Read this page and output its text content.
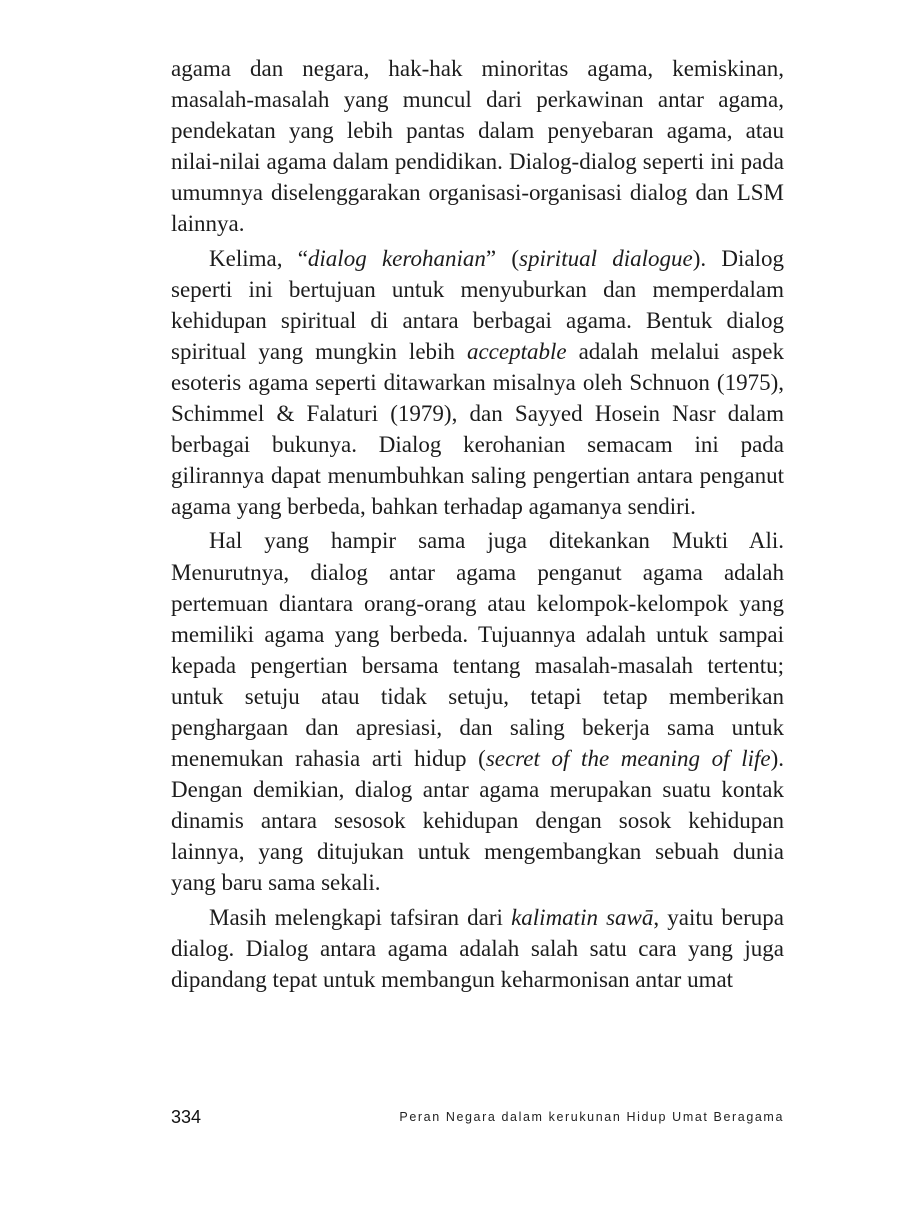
agama dan negara, hak-hak minoritas agama, kemiskinan, masalah-masalah yang muncul dari perkawinan antar agama, pendekatan yang lebih pantas dalam penyebaran agama, atau nilai-nilai agama dalam pendidikan. Dialog-dialog seperti ini pada umumnya diselenggarakan organisasi-organisasi dialog dan LSM lainnya.

Kelima, “dialog kerohanian” (spiritual dialogue). Dialog seperti ini bertujuan untuk menyuburkan dan memperdalam kehidupan spiritual di antara berbagai agama. Bentuk dialog spiritual yang mungkin lebih acceptable adalah melalui aspek esoteris agama seperti ditawarkan misalnya oleh Schnuon (1975), Schimmel & Falaturi (1979), dan Sayyed Hosein Nasr dalam berbagai bukunya. Dialog kerohanian semacam ini pada gilirannya dapat menumbuhkan saling pengertian antara penganut agama yang berbeda, bahkan terhadap agamanya sendiri.

Hal yang hampir sama juga ditekankan Mukti Ali. Menurutnya, dialog antar agama penganut agama adalah pertemuan diantara orang-orang atau kelompok-kelompok yang memiliki agama yang berbeda. Tujuannya adalah untuk sampai kepada pengertian bersama tentang masalah-masalah tertentu; untuk setuju atau tidak setuju, tetapi tetap memberikan penghargaan dan apresiasi, dan saling bekerja sama untuk menemukan rahasia arti hidup (secret of the meaning of life). Dengan demikian, dialog antar agama merupakan suatu kontak dinamis antara sesosok kehidupan dengan sosok kehidupan lainnya, yang ditujukan untuk mengembangkan sebuah dunia yang baru sama sekali.

Masih melengkapi tafsiran dari kalimatin sawā, yaitu berupa dialog. Dialog antara agama adalah salah satu cara yang juga dipandang tepat untuk membangun keharmonisan antar umat

334	Peran Negara dalam kerukunan Hidup Umat Beragama
